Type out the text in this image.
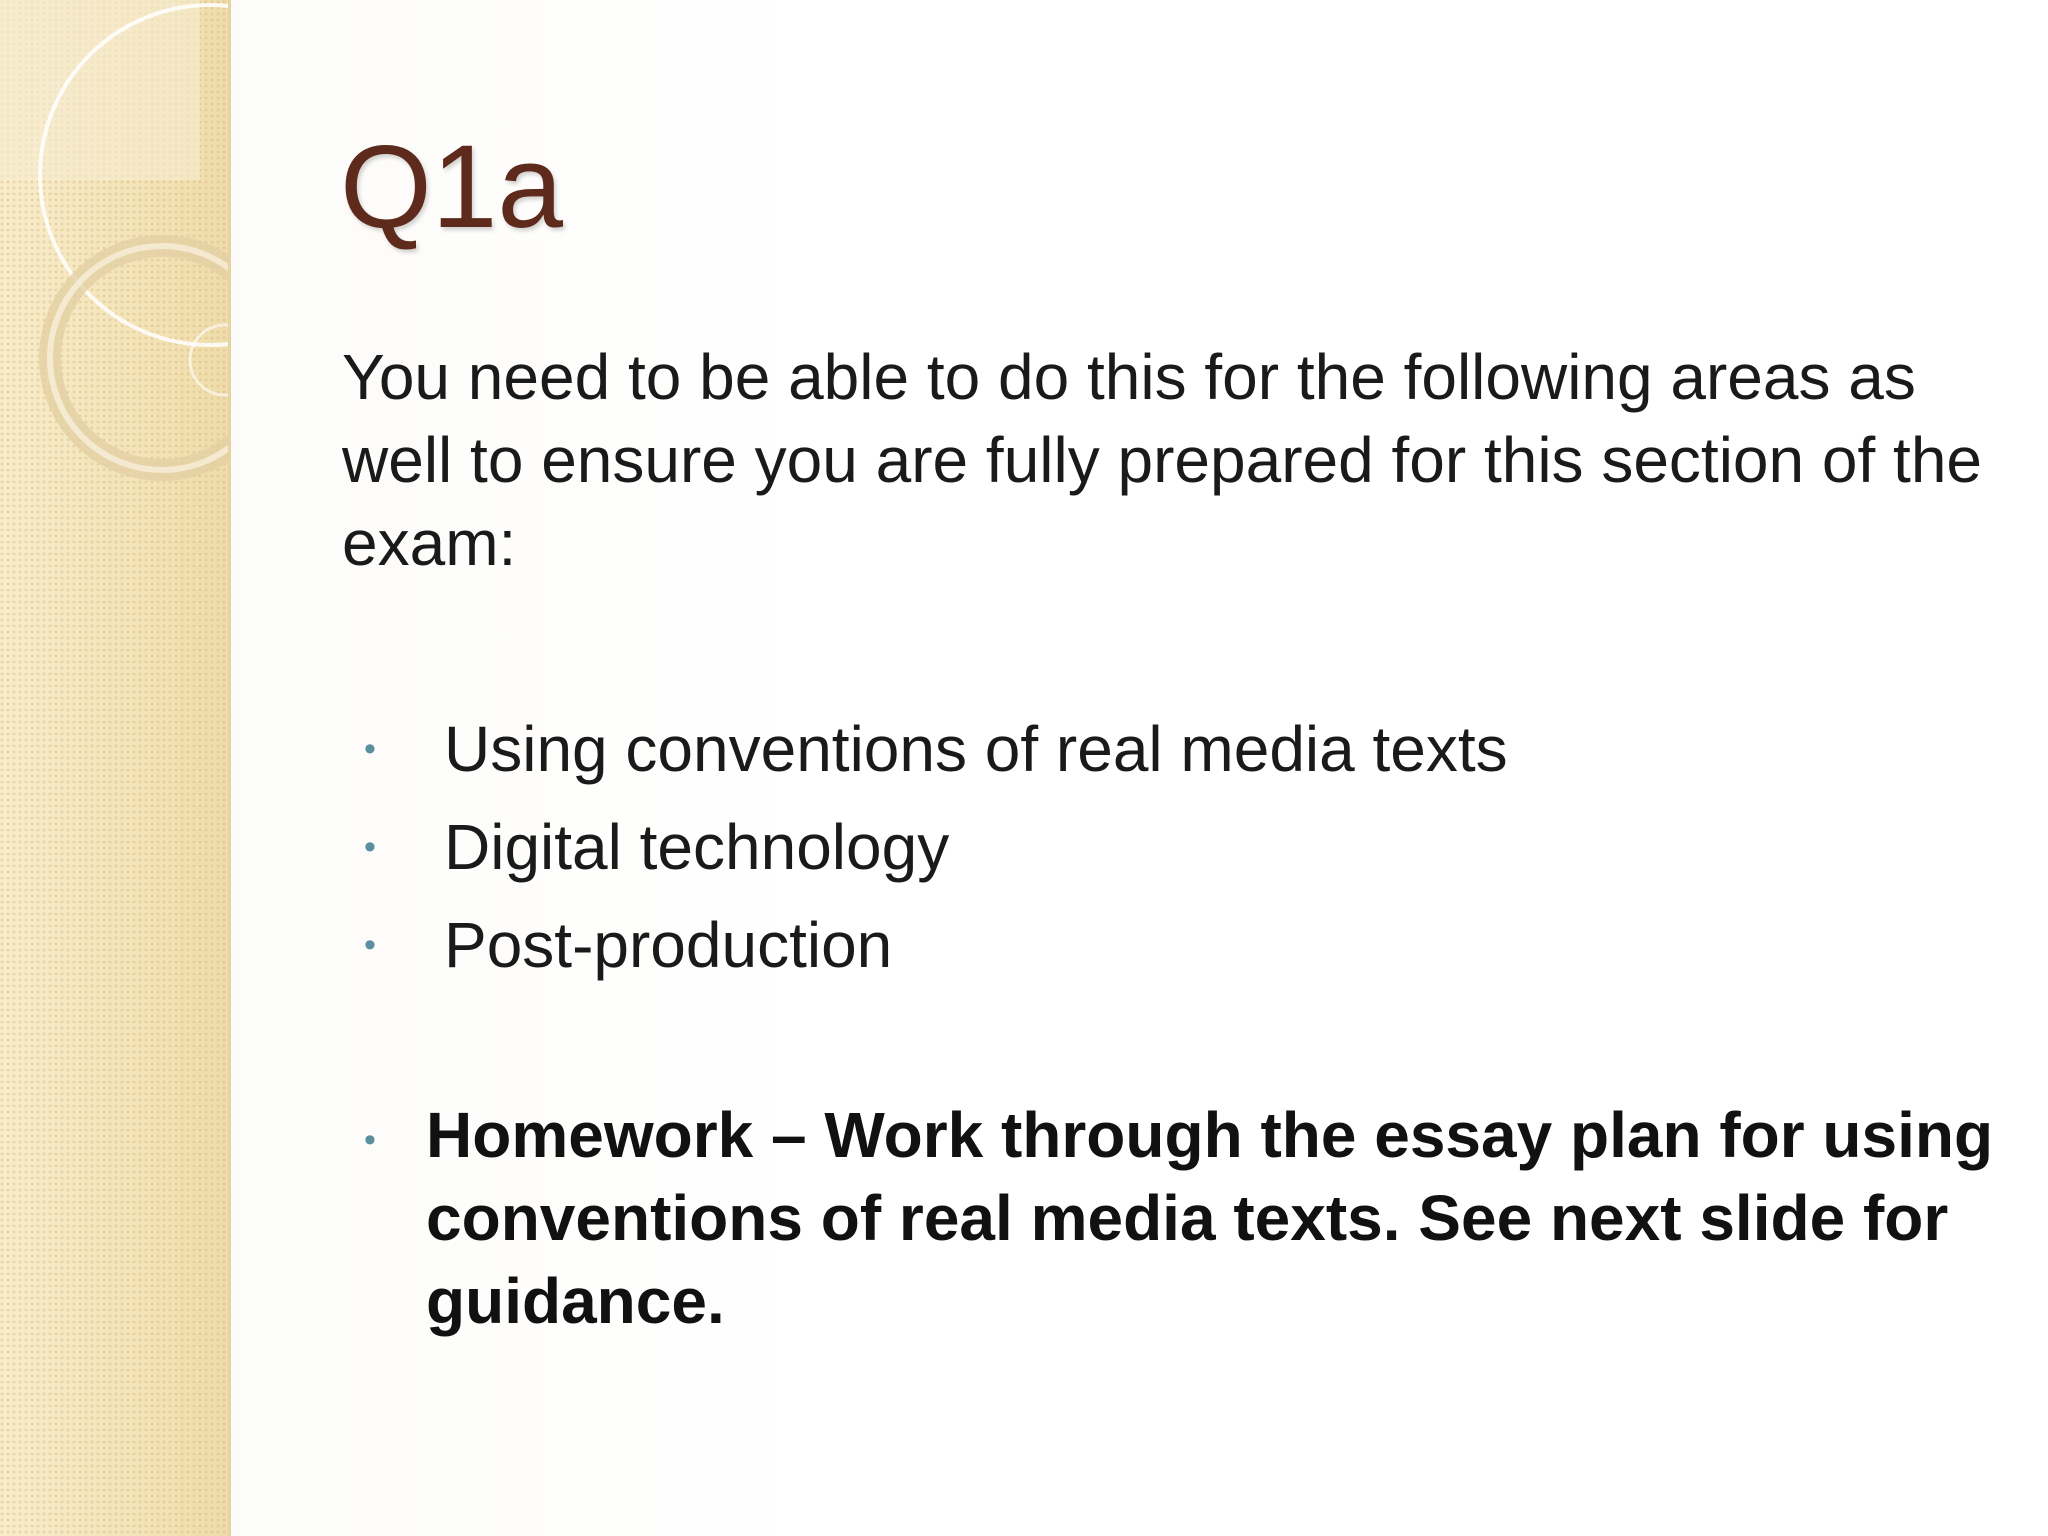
Q1a

You need to be able to do this for the following areas as well to ensure you are fully prepared for this section of the exam:

• Using conventions of real media texts
• Digital technology
• Post-production
• Homework – Work through the essay plan for using conventions of real media texts. See next slide for guidance.
